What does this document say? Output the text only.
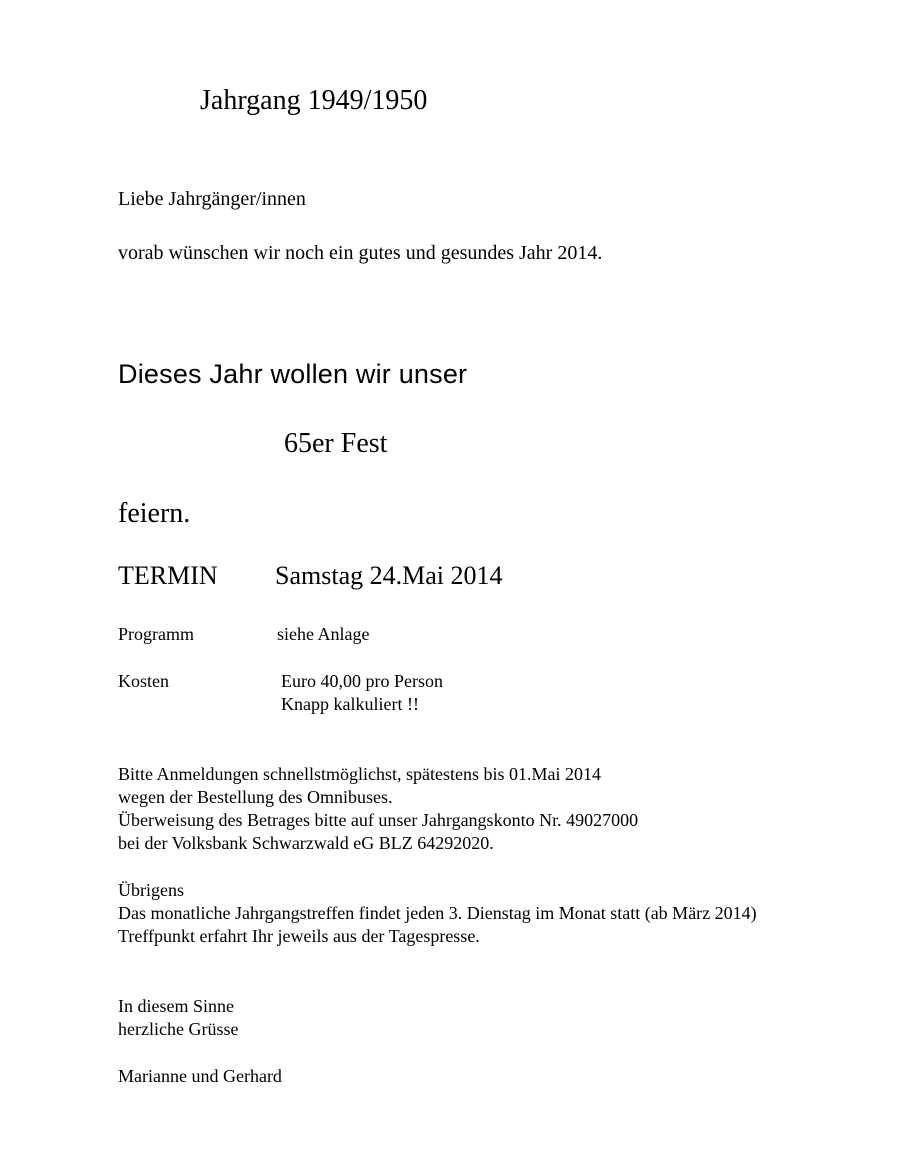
Jahrgang 1949/1950
Liebe Jahrgänger/innen
vorab wünschen wir noch ein gutes und gesundes Jahr 2014.
Dieses Jahr wollen wir unser
65er Fest
feiern.
TERMIN Samstag 24.Mai 2014
Programm	siehe Anlage
Kosten	Euro 40,00 pro Person
Knapp kalkuliert !!
Bitte Anmeldungen schnellstmöglichst, spätestens bis 01.Mai 2014
wegen der Bestellung des Omnibuses.
Überweisung des Betrages bitte auf unser Jahrgangskonto Nr. 49027000
bei der Volksbank Schwarzwald eG BLZ 64292020.
Übrigens
Das monatliche Jahrgangstreffen findet jeden 3. Dienstag im Monat statt (ab März 2014)
Treffpunkt erfahrt Ihr jeweils aus der Tagespresse.
In diesem Sinne
herzliche Grüsse
Marianne und Gerhard
